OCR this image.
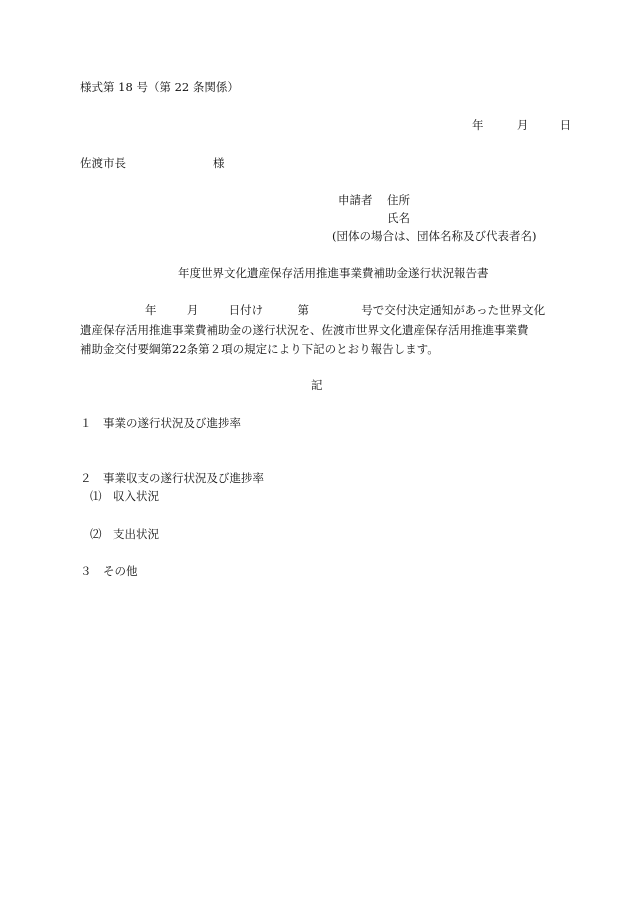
様式第 18 号（第 22 条関係）
年	月	日
佐渡市長	様
申請者 住所
氏名
(団体の場合は、団体名称及び代表者名)
年度世界文化遺産保存活用推進事業費補助金遂行状況報告書
年	月	日付け	第	号で交付決定通知があった世界文化
遺産保存活用推進事業費補助金の遂行状況を、佐渡市世界文化遺産保存活用推進事業費
補助金交付要綱第22条第２項の規定により下記のとおり報告します。
記
１　事業の遂行状況及び進捗率
２　事業収支の遂行状況及び進捗率
⑴　収入状況
⑵　支出状況
３　その他
